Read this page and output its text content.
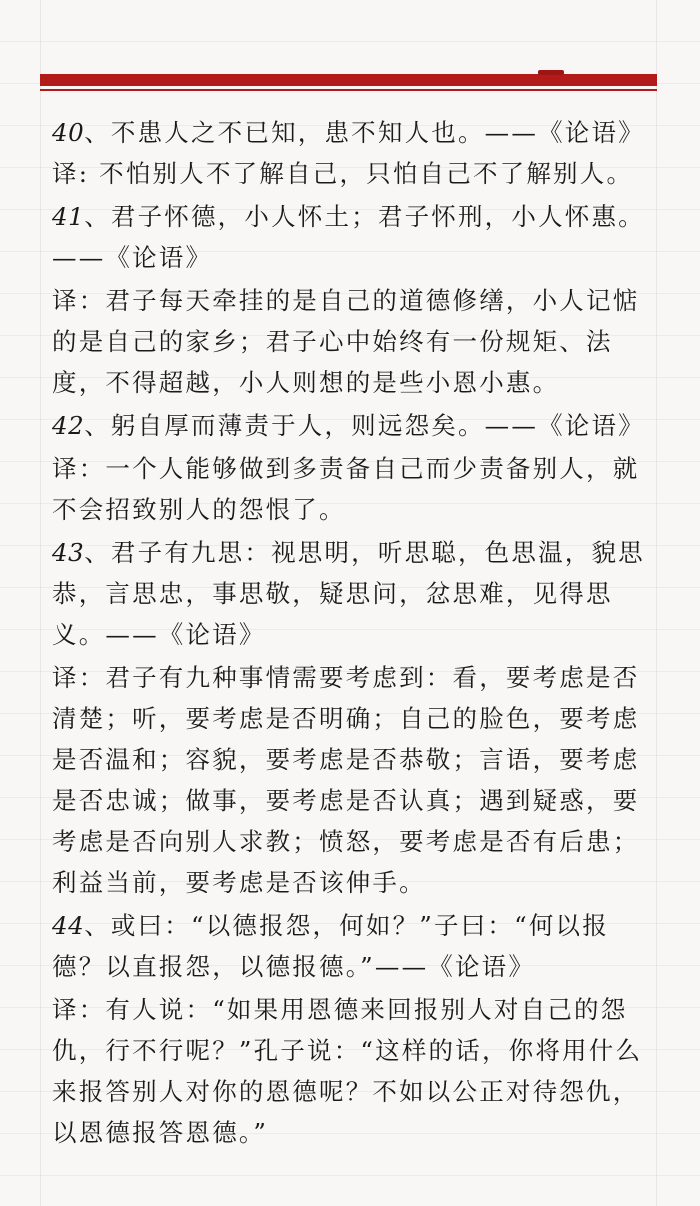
40、不患人之不已知，患不知人也。——《论语》
译: 不怕别人不了解自己，只怕自己不了解别人。
41、君子怀德，小人怀土；君子怀刑，小人怀惠。——《论语》
译：君子每天牵挂的是自己的道德修缮，小人记惦的是自己的家乡；君子心中始终有一份规矩、法度，不得超越，小人则想的是些小恩小惠。
42、躬自厚而薄责于人，则远怨矣。——《论语》
译：一个人能够做到多责备自己而少责备别人，就不会招致别人的怨恨了。
43、君子有九思：视思明，听思聪，色思温，貌思恭，言思忠，事思敬，疑思问，忿思难，见得思义。——《论语》
译：君子有九种事情需要考虑到：看，要考虑是否清楚；听，要考虑是否明确；自己的脸色，要考虑是否温和；容貌，要考虑是否恭敬；言语，要考虑是否忠诚；做事，要考虑是否认真；遇到疑惑，要考虑是否向别人求教；愤怒，要考虑是否有后患；利益当前，要考虑是否该伸手。
44、或曰：“以德报怨，何如？”子曰：“何以报德？以直报怨，以德报德。”——《论语》
译：有人说：“如果用恩德来回报别人对自己的怨仇，行不行呢？”孔子说：“这样的话，你将用什么来报答别人对你的恩德呢？不如以公正对待怨仇，以恩德报答恩德。”
